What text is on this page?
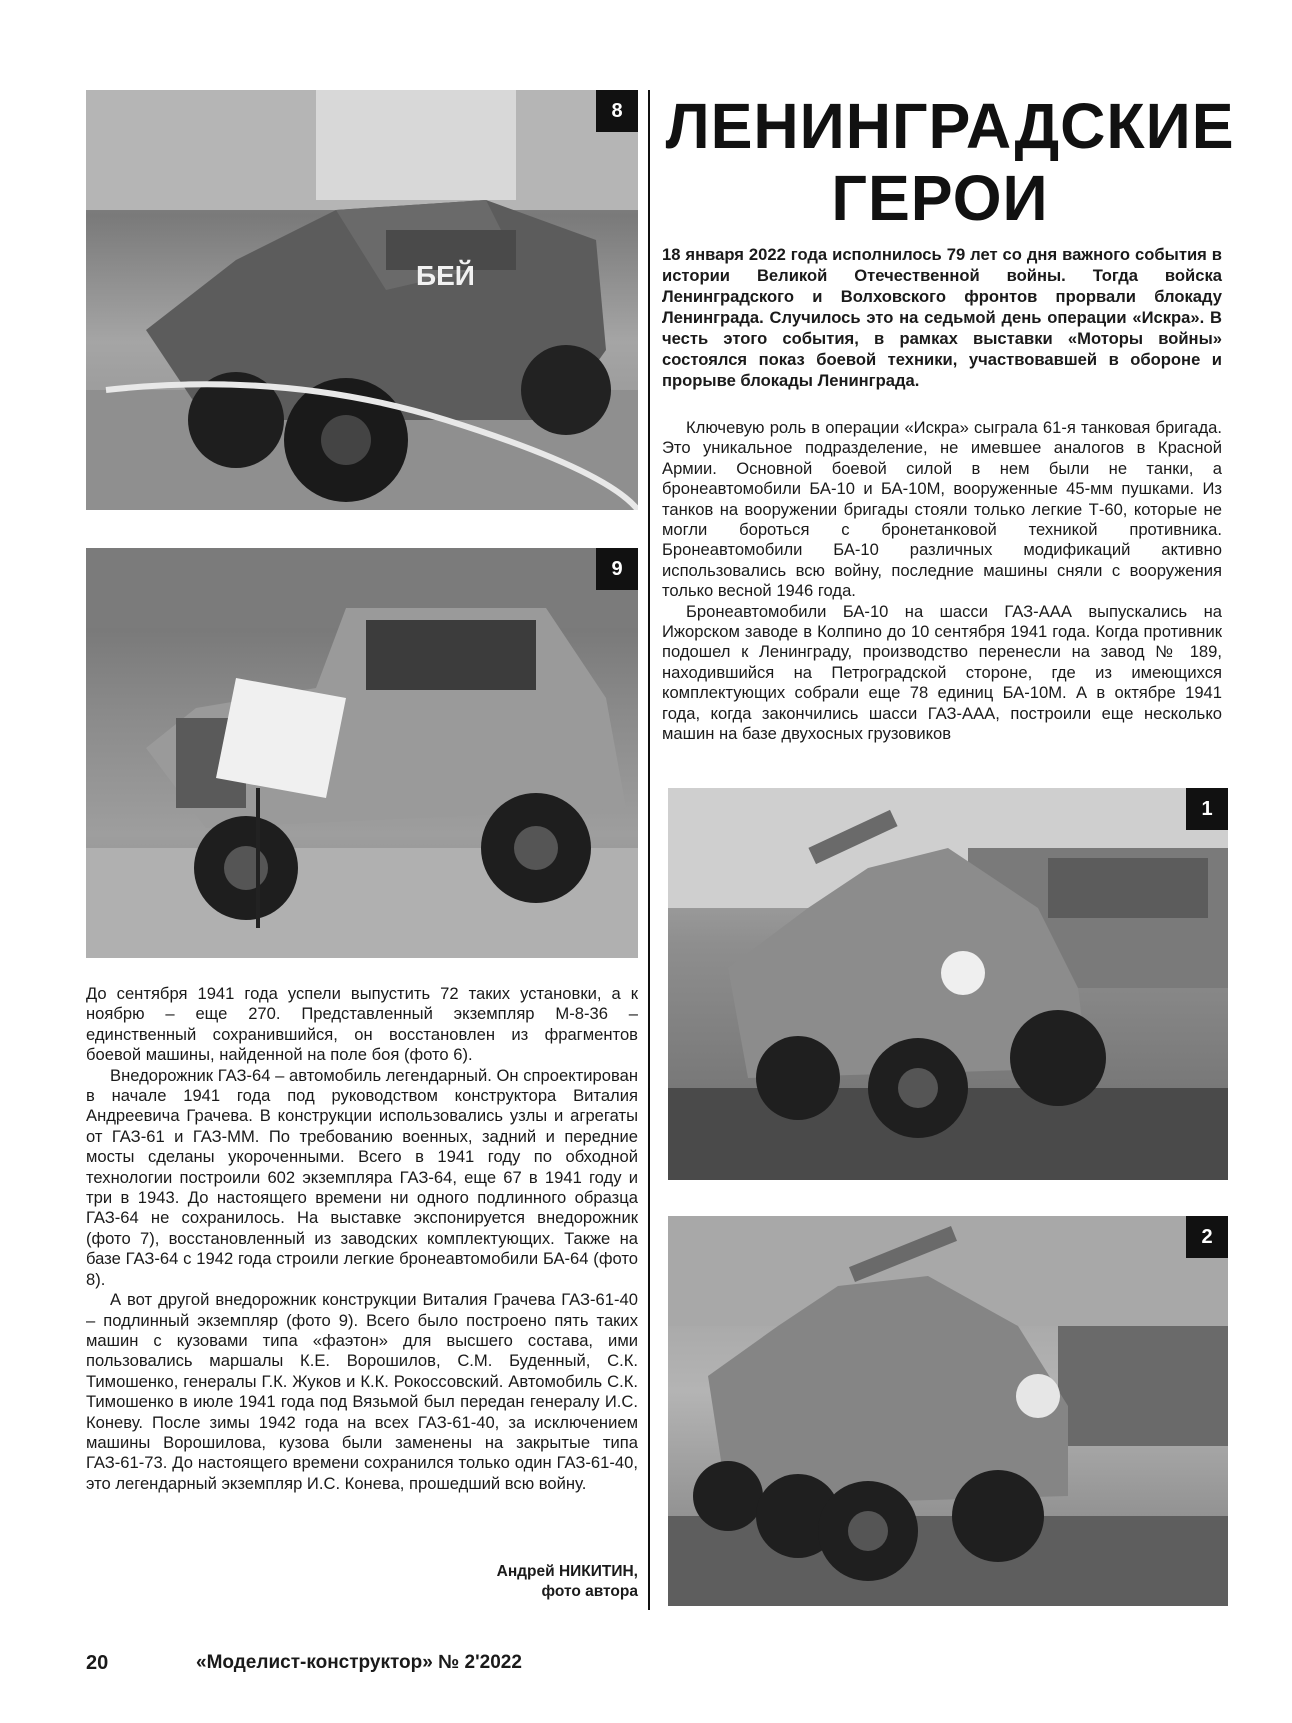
БЕЙ
8
9
1
2
ЛЕНИНГРАДСКИЕ
ГЕРОИ
18 января 2022 года исполнилось 79 лет со дня важного события в истории Великой Отечественной войны. Тогда войска Ленинградского и Волховского фронтов прорвали блокаду Ленинграда. Случилось это на седьмой день операции «Искра». В честь этого события, в рамках выставки «Моторы войны» состоялся показ боевой техники, участвовавшей в обороне и прорыве блокады Ленинграда.

Ключевую роль в операции «Искра» сыграла 61-я танковая бригада. Это уникальное подразделение, не имевшее аналогов в Красной Армии. Основной боевой силой в нем были не танки, а бронеавтомобили БА-10 и БА-10М, вооруженные 45-мм пушками. Из танков на вооружении бригады стояли только легкие Т-60, которые не могли бороться с бронетанковой техникой противника. Бронеавтомобили БА-10 различных модификаций активно использовались всю войну, последние машины сняли с вооружения только весной 1946 года.

Бронеавтомобили БА-10 на шасси ГАЗ-ААА выпускались на Ижорском заводе в Колпино до 10 сентября 1941 года. Когда противник подошел к Ленинграду, производство перенесли на завод № 189, находившийся на Петроградской стороне, где из имеющихся комплектующих собрали еще 78 единиц БА-10М. А в октябре 1941 года, когда закончились шасси ГАЗ-ААА, построили еще несколько машин на базе двухосных грузовиков

До сентября 1941 года успели выпустить 72 таких установки, а к ноябрю – еще 270. Представленный экземпляр М-8-36 – единственный сохранившийся, он восстановлен из фрагментов боевой машины, найденной на поле боя (фото 6).

Внедорожник ГАЗ-64 – автомобиль легендарный. Он спроектирован в начале 1941 года под руководством конструктора Виталия Андреевича Грачева. В конструкции использовались узлы и агрегаты от ГАЗ-61 и ГАЗ-ММ. По требованию военных, задний и передние мосты сделаны укороченными. Всего в 1941 году по обходной технологии построили 602 экземпляра ГАЗ-64, еще 67 в 1941 году и три в 1943. До настоящего времени ни одного подлинного образца ГАЗ-64 не сохранилось. На выставке экспонируется внедорожник (фото 7), восстановленный из заводских комплектующих. Также на базе ГАЗ-64 с 1942 года строили легкие бронеавтомобили БА-64 (фото 8).

А вот другой внедорожник конструкции Виталия Грачева ГАЗ-61-40 – подлинный экземпляр (фото 9). Всего было построено пять таких машин с кузовами типа «фаэтон» для высшего состава, ими пользовались маршалы К.Е. Ворошилов, С.М. Буденный, С.К. Тимошенко, генералы Г.К. Жуков и К.К. Рокоссовский. Автомобиль С.К. Тимошенко в июле 1941 года под Вязьмой был передан генералу И.С. Коневу. После зимы 1942 года на всех ГАЗ-61-40, за исключением машины Ворошилова, кузова были заменены на закрытые типа ГАЗ-61-73. До настоящего времени сохранился только один ГАЗ-61-40, это легендарный экземпляр И.С. Конева, прошедший всю войну.

Андрей НИКИТИН,
фото автора
20	«Моделист-конструктор» № 2'2022
